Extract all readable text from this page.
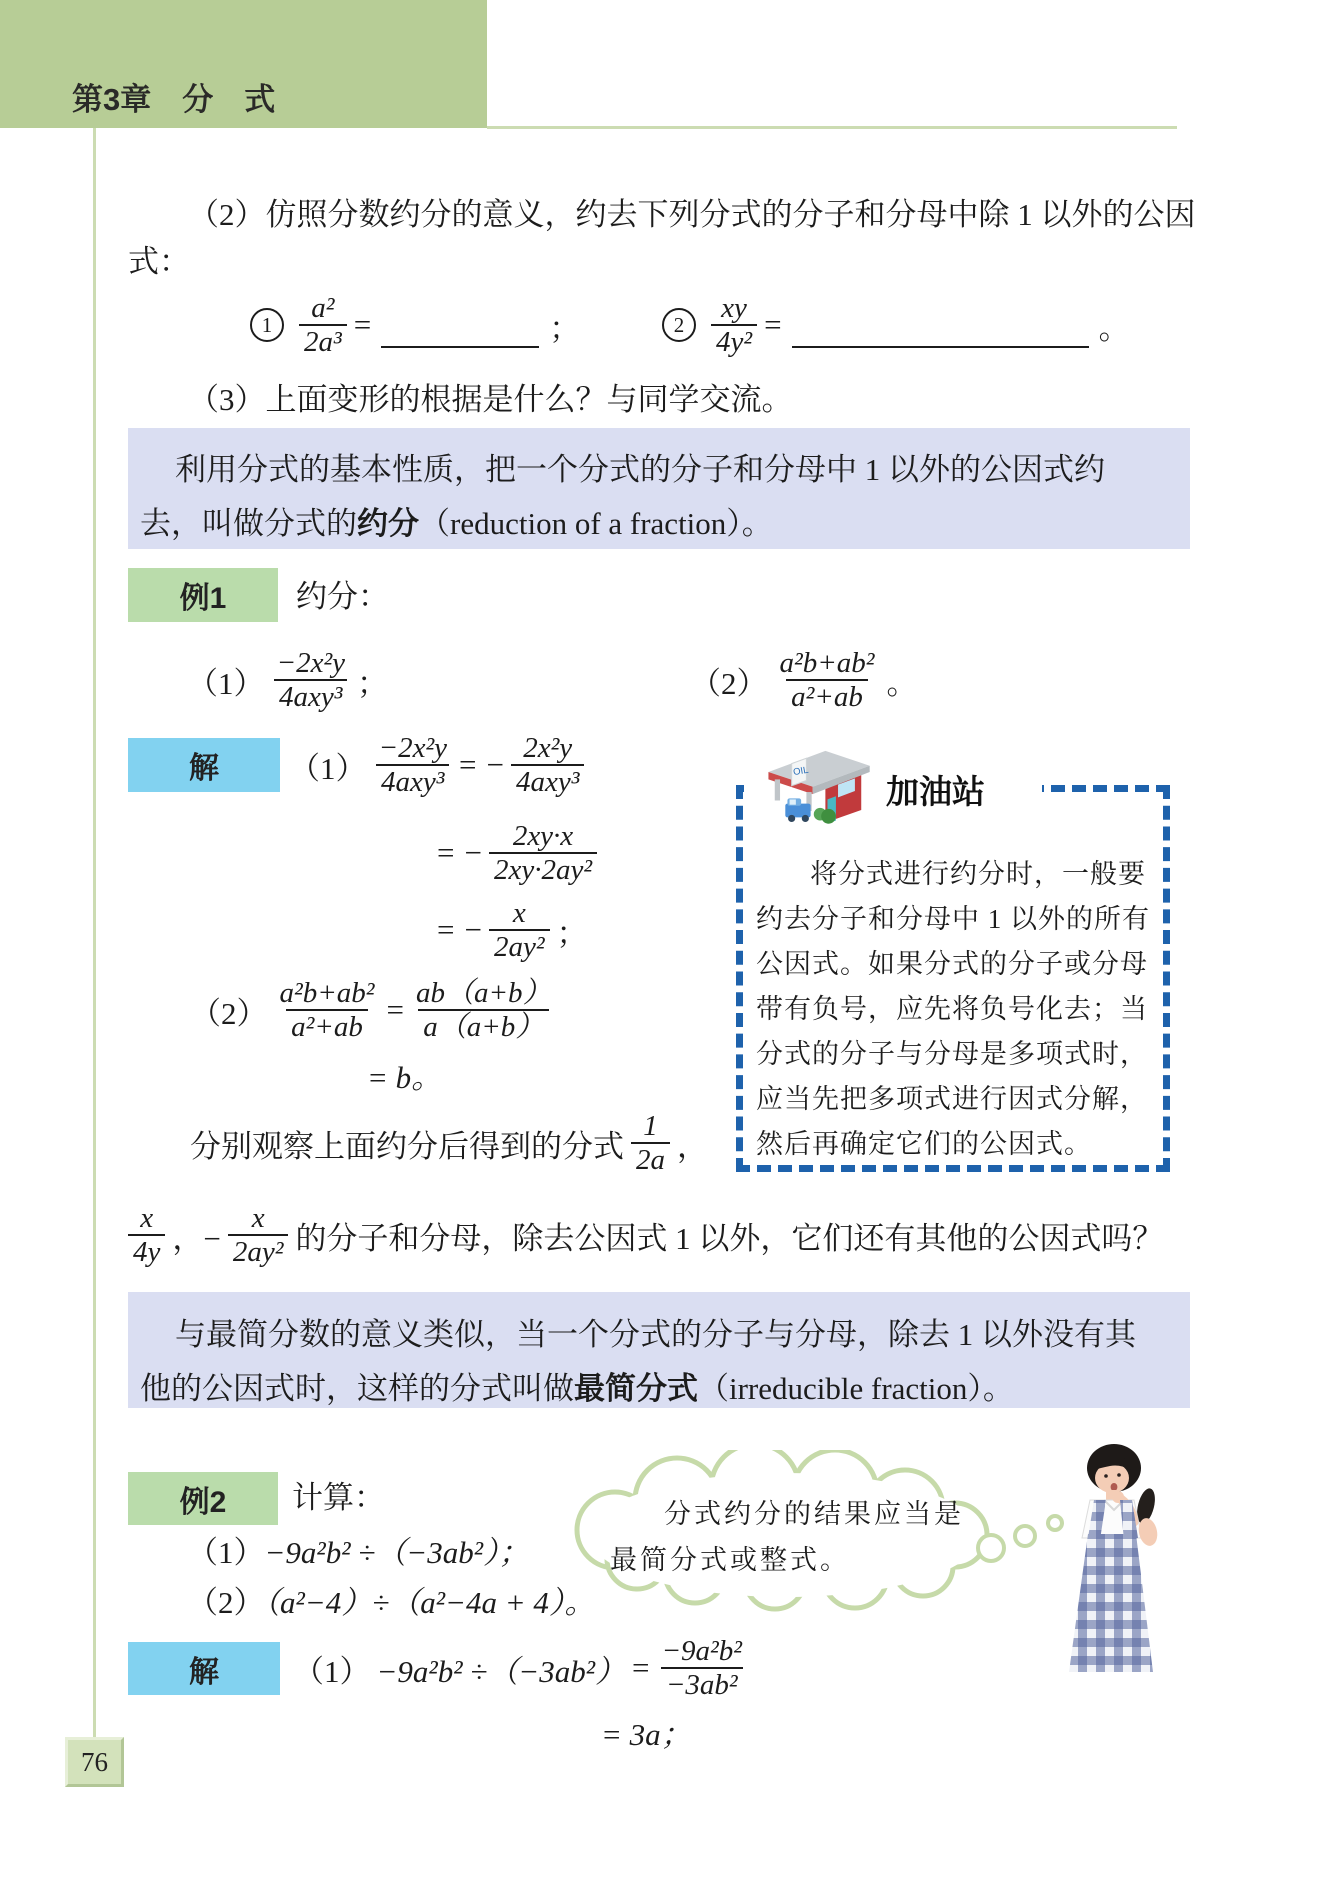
第3章　分　式
（2）仿照分数约分的意义，约去下列分式的分子和分母中除 1 以外的公因
式：
$1 \frac{\text{a²}}{\text{2a³}}$ =	；	$2 \frac{xy}{\text{4y²}}$ =	。
（3）上面变形的根据是什么？与同学交流。
利用分式的基本性质，把一个分式的分子和分母中 1 以外的公因式约
去，叫做分式的约分（reduction of a fraction）。
例1	约分：
$(1) \frac{\text{−2x²y}}{\text{4axy³}}$ ；	$(2) \frac{\text{a²b+ab²}}{\text{a²+ab}}$ 。
解	$(1) \frac{\text{−2x²y}}{\text{4axy³}}$ = − $\frac{\text{2x²y}}{\text{4axy³}}$
= − $\frac{2xy\cdot x}{\text{2xy·2ay²}}$
= − $\frac{x}{\text{2ay²}}$ ；
$(2) \frac{\text{a²b+ab²}}{\text{a²+ab}} = \frac{ab(a+b)}{a(a+b)}$
= b。
分别观察上面约分后得到的分式 $\frac{1}{2a}$ ，
$\frac{x}{4y}$ ，− $\frac{x}{\text{2ay²}}$ 的分子和分母，除去公因式 1 以外，它们还有其他的公因式吗？
OIL
加油站
将分式进行约分时，一般要
约去分子和分母中 1 以外的所有
公因式。如果分式的分子或分母
带有负号，应先将负号化去；当
分式的分子与分母是多项式时，
应当先把多项式进行因式分解，
然后再确定它们的公因式。
与最简分数的意义类似，当一个分式的分子与分母，除去 1 以外没有其
他的公因式时，这样的分式叫做最简分式（irreducible fraction）。
例2	计算：
（1）−9a²b² ÷（−3ab²）；
（2）（a²−4）÷（a²−4a + 4）。
分式约分的结果应当是
最简分式或整式。
解	$(1) -9a^2b^2 \div(-3ab^2) = \frac{\text{−9a²b²}}{\text{−3ab²}}$
= 3a；
76
